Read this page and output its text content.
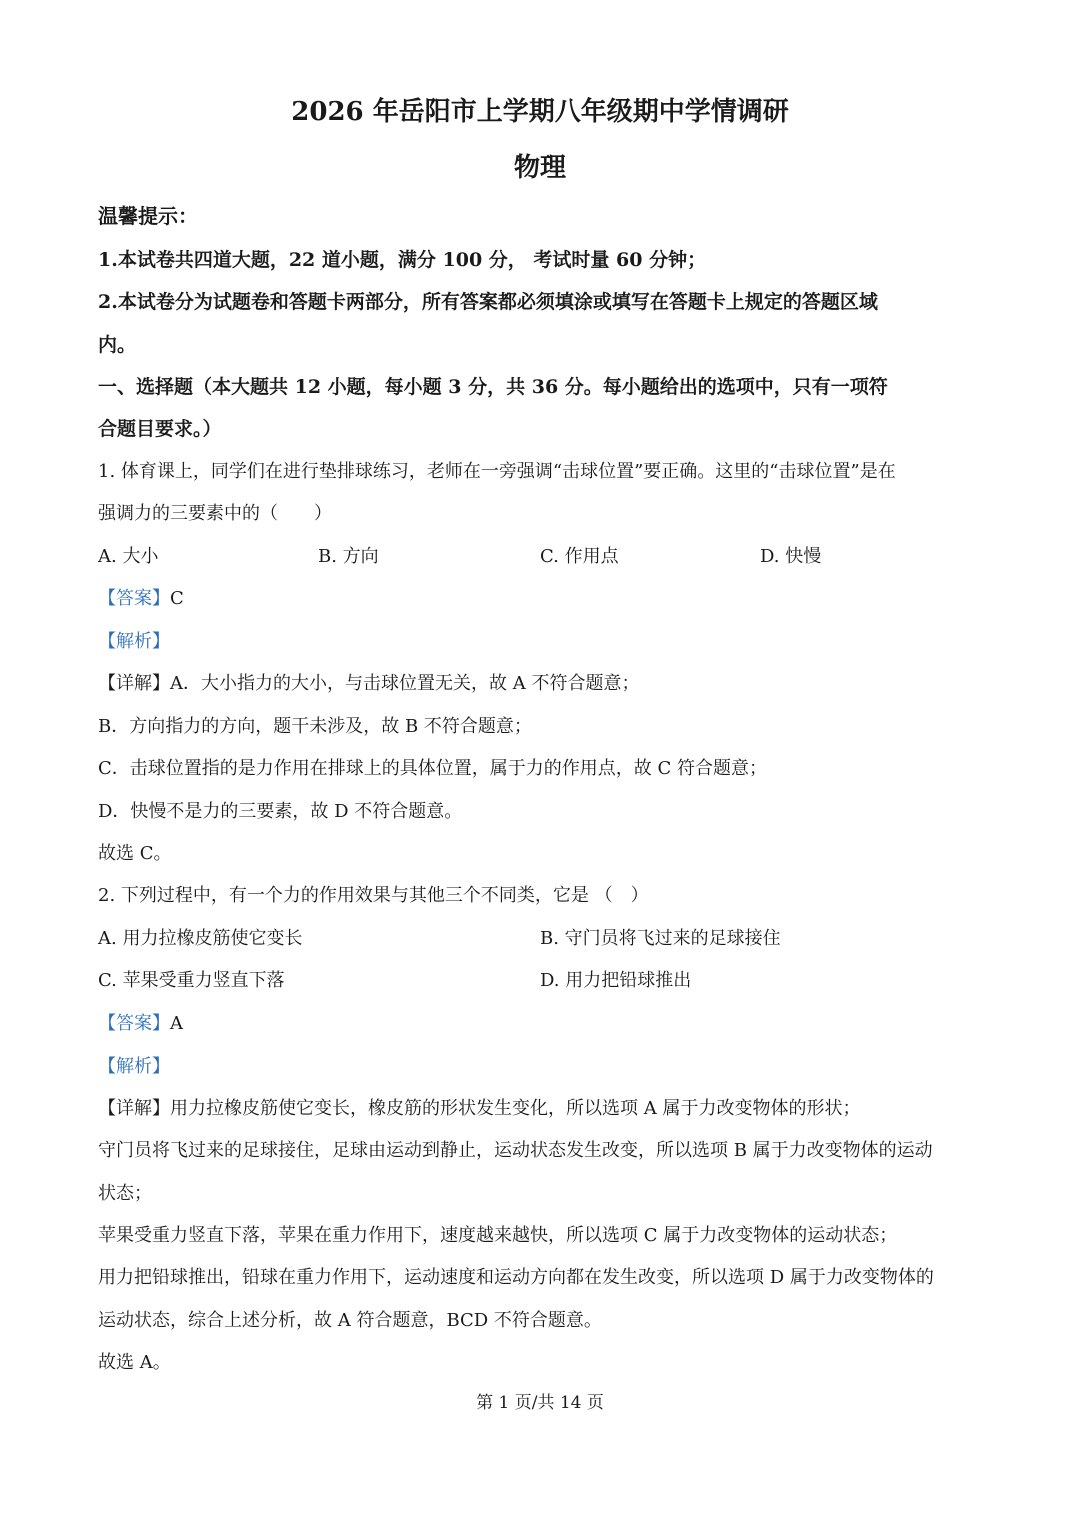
2026 年岳阳市上学期八年级期中学情调研
物理
温馨提示：
1.本试卷共四道大题，22 道小题，满分 100 分， 考试时量 60 分钟；
2.本试卷分为试题卷和答题卡两部分，所有答案都必须填涂或填写在答题卡上规定的答题区域
内。
一、选择题（本大题共 12 小题，每小题 3 分，共 36 分。每小题给出的选项中，只有一项符
合题目要求。）
1. 体育课上，同学们在进行垫排球练习，老师在一旁强调“击球位置”要正确。这里的“击球位置”是在
强调力的三要素中的（　　）
A. 大小	B. 方向	C. 作用点	D. 快慢
【答案】C
【解析】
【详解】A．大小指力的大小，与击球位置无关，故 A 不符合题意；
B．方向指力的方向，题干未涉及，故 B 不符合题意；
C．击球位置指的是力作用在排球上的具体位置，属于力的作用点，故 C 符合题意；
D．快慢不是力的三要素，故 D 不符合题意。
故选 C。
2. 下列过程中，有一个力的作用效果与其他三个不同类，它是 （　）
A. 用力拉橡皮筋使它变长	B. 守门员将飞过来的足球接住
C. 苹果受重力竖直下落	D. 用力把铅球推出
【答案】A
【解析】
【详解】用力拉橡皮筋使它变长，橡皮筋的形状发生变化，所以选项 A 属于力改变物体的形状；
守门员将飞过来的足球接住，足球由运动到静止，运动状态发生改变，所以选项 B 属于力改变物体的运动
状态；
苹果受重力竖直下落，苹果在重力作用下，速度越来越快，所以选项 C 属于力改变物体的运动状态；
用力把铅球推出，铅球在重力作用下，运动速度和运动方向都在发生改变，所以选项 D 属于力改变物体的
运动状态，综合上述分析，故 A 符合题意，BCD 不符合题意。
故选 A。
第 1 页/共 14 页
